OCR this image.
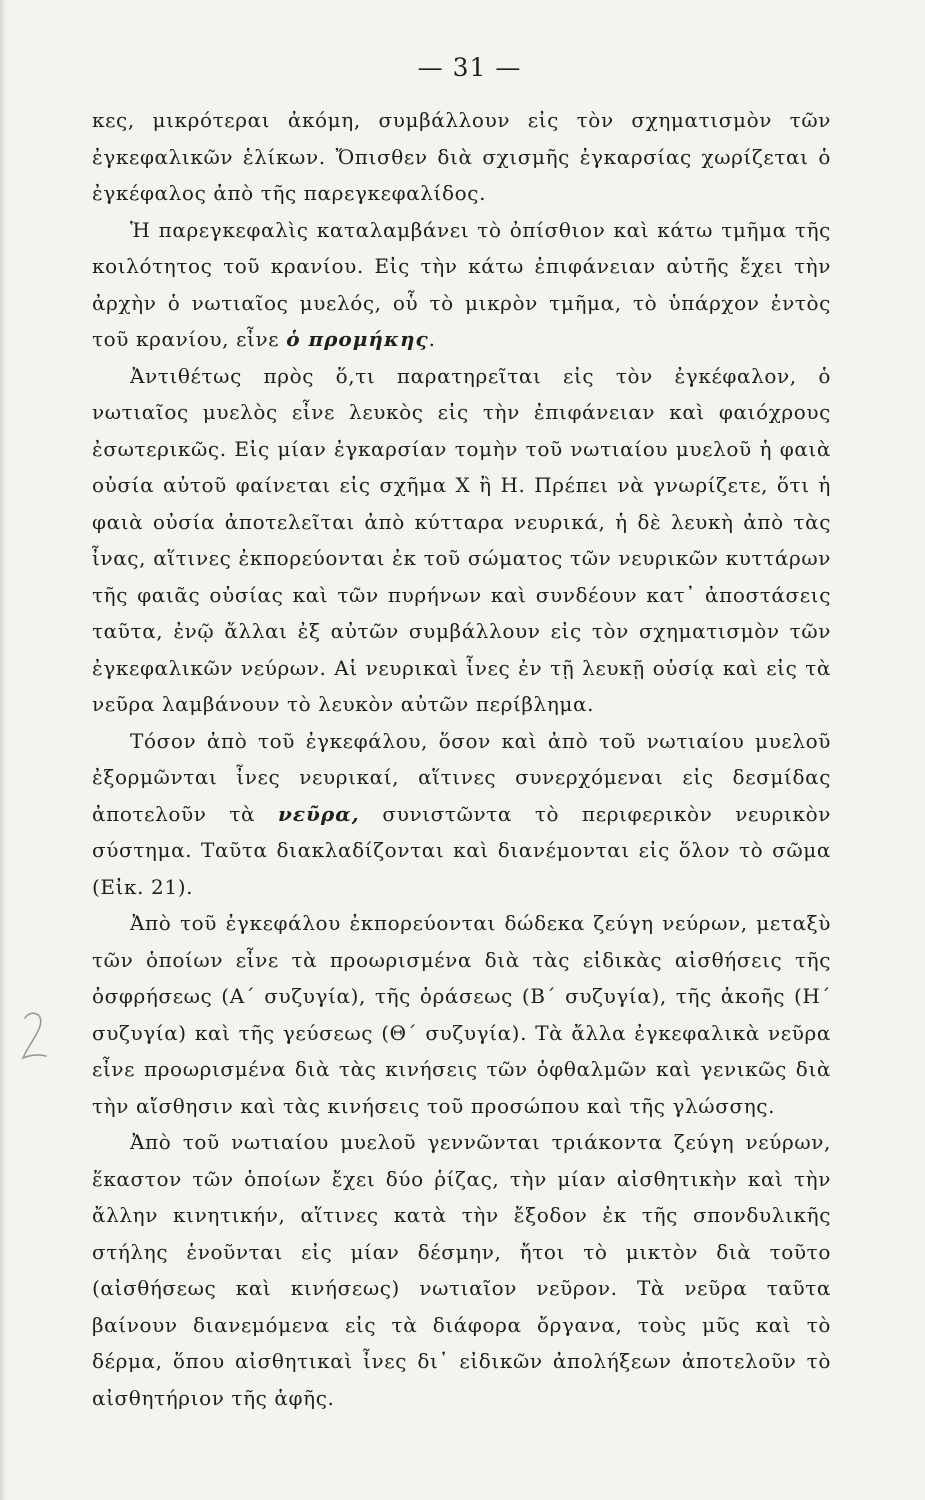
— 31 —

κες, μικρότεραι ἀκόμη, συμβάλλουν εἰς τὸν σχηματισμὸν τῶν ἐγκεφαλικῶν ἑλίκων. Ὄπισθεν διὰ σχισμῆς ἐγκαρσίας χωρίζεται ὁ ἐγκέφαλος ἀπὸ τῆς παρεγκεφαλίδος.

Ἡ παρεγκεφαλὶς καταλαμβάνει τὸ ὀπίσθιον καὶ κάτω τμῆμα τῆς κοιλότητος τοῦ κρανίου. Εἰς τὴν κάτω ἐπιφάνειαν αὐτῆς ἔχει τὴν ἀρχὴν ὁ νωτιαῖος μυελός, οὗ τὸ μικρὸν τμῆμα, τὸ ὑπάρχον ἐντὸς τοῦ κρανίου, εἶνε ὁ προμήκης.

Ἀντιθέτως πρὸς ὅ,τι παρατηρεῖται εἰς τὸν ἐγκέφαλον, ὁ νωτιαῖος μυελὸς εἶνε λευκὸς εἰς τὴν ἐπιφάνειαν καὶ φαιόχρους ἐσωτερικῶς. Εἰς μίαν ἐγκαρσίαν τομὴν τοῦ νωτιαίου μυελοῦ ἡ φαιὰ οὐσία αὐτοῦ φαίνεται εἰς σχῆμα Χ ἢ Η. Πρέπει νὰ γνωρίζετε, ὅτι ἡ φαιὰ οὐσία ἀποτελεῖται ἀπὸ κύτταρα νευρικά, ἡ δὲ λευκὴ ἀπὸ τὰς ἶνας, αἵτινες ἐκπορεύονται ἐκ τοῦ σώματος τῶν νευρικῶν κυττάρων τῆς φαιᾶς οὐσίας καὶ τῶν πυρήνων καὶ συνδέουν κατ᾽ ἀποστάσεις ταῦτα, ἐνῷ ἄλλαι ἐξ αὐτῶν συμβάλλουν εἰς τὸν σχηματισμὸν τῶν ἐγκεφαλικῶν νεύρων. Αἱ νευρικαὶ ἶνες ἐν τῇ λευκῇ οὐσίᾳ καὶ εἰς τὰ νεῦρα λαμβάνουν τὸ λευκὸν αὐτῶν περίβλημα.

Τόσον ἀπὸ τοῦ ἐγκεφάλου, ὅσον καὶ ἀπὸ τοῦ νωτιαίου μυελοῦ ἐξορμῶνται ἶνες νευρικαί, αἵτινες συνερχόμεναι εἰς δεσμίδας ἀποτελοῦν τὰ νεῦρα, συνιστῶντα τὸ περιφερικὸν νευρικὸν σύστημα. Ταῦτα διακλαδίζονται καὶ διανέμονται εἰς ὅλον τὸ σῶμα (Εἰκ. 21).

Ἀπὸ τοῦ ἐγκεφάλου ἐκπορεύονται δώδεκα ζεύγη νεύρων, μεταξὺ τῶν ὁποίων εἶνε τὰ προωρισμένα διὰ τὰς εἰδικὰς αἰσθήσεις τῆς ὀσφρήσεως (Α΄ συζυγία), τῆς ὁράσεως (Β΄ συζυγία), τῆς ἀκοῆς (Η΄ συζυγία) καὶ τῆς γεύσεως (Θ΄ συζυγία). Τὰ ἄλλα ἐγκεφαλικὰ νεῦρα εἶνε προωρισμένα διὰ τὰς κινήσεις τῶν ὀφθαλμῶν καὶ γενικῶς διὰ τὴν αἴσθησιν καὶ τὰς κινήσεις τοῦ προσώπου καὶ τῆς γλώσσης.

Ἀπὸ τοῦ νωτιαίου μυελοῦ γεννῶνται τριάκοντα ζεύγη νεύρων, ἕκαστον τῶν ὁποίων ἔχει δύο ῥίζας, τὴν μίαν αἰσθητικὴν καὶ τὴν ἄλλην κινητικήν, αἵτινες κατὰ τὴν ἔξοδον ἐκ τῆς σπονδυλικῆς στήλης ἑνοῦνται εἰς μίαν δέσμην, ἤτοι τὸ μικτὸν διὰ τοῦτο (αἰσθήσεως καὶ κινήσεως) νωτιαῖον νεῦρον. Τὰ νεῦρα ταῦτα βαίνουν διανεμόμενα εἰς τὰ διάφορα ὄργανα, τοὺς μῦς καὶ τὸ δέρμα, ὅπου αἰσθητικαὶ ἶνες δι᾽ εἰδικῶν ἀπολήξεων ἀποτελοῦν τὸ αἰσθητήριον τῆς ἁφῆς.
